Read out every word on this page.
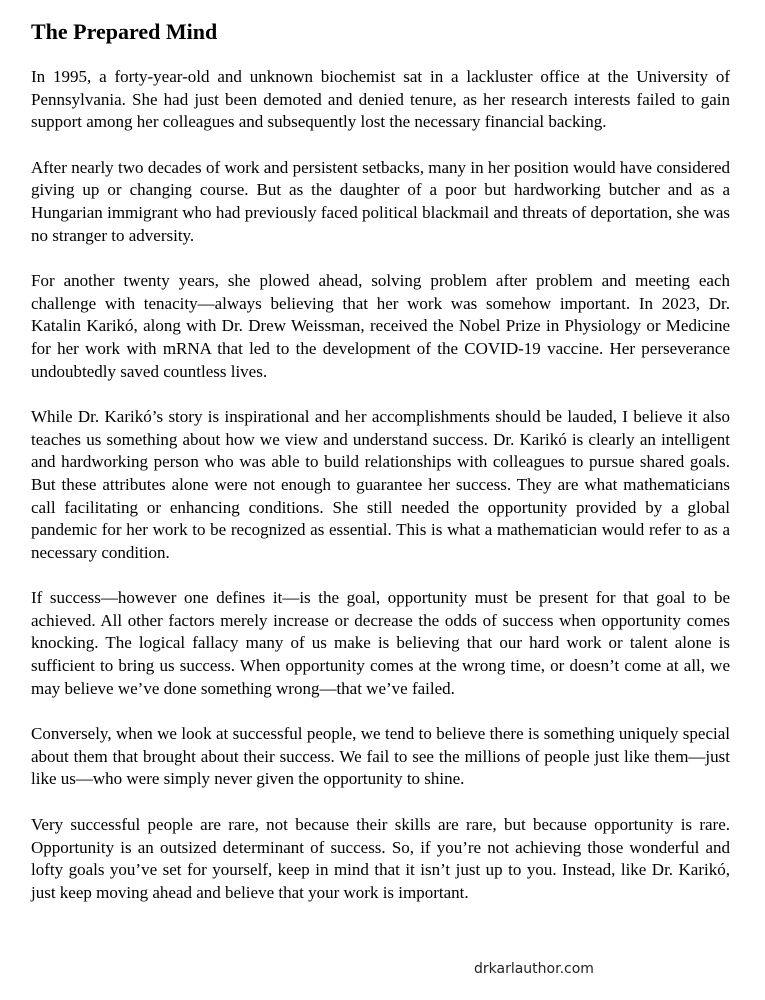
The Prepared Mind

In 1995, a forty-year-old and unknown biochemist sat in a lackluster office at the University of Pennsylvania. She had just been demoted and denied tenure, as her research interests failed to gain support among her colleagues and subsequently lost the necessary financial backing.

After nearly two decades of work and persistent setbacks, many in her position would have considered giving up or changing course. But as the daughter of a poor but hardworking butcher and as a Hungarian immigrant who had previously faced political blackmail and threats of deportation, she was no stranger to adversity.

For another twenty years, she plowed ahead, solving problem after problem and meeting each challenge with tenacity—always believing that her work was somehow important. In 2023, Dr. Katalin Karikó, along with Dr. Drew Weissman, received the Nobel Prize in Physiology or Medicine for her work with mRNA that led to the development of the COVID-19 vaccine. Her perseverance undoubtedly saved countless lives.

While Dr. Karikó’s story is inspirational and her accomplishments should be lauded, I believe it also teaches us something about how we view and understand success. Dr. Karikó is clearly an intelligent and hardworking person who was able to build relationships with colleagues to pursue shared goals. But these attributes alone were not enough to guarantee her success. They are what mathematicians call facilitating or enhancing conditions. She still needed the opportunity provided by a global pandemic for her work to be recognized as essential. This is what a mathematician would refer to as a necessary condition.

If success—however one defines it—is the goal, opportunity must be present for that goal to be achieved. All other factors merely increase or decrease the odds of success when opportunity comes knocking. The logical fallacy many of us make is believing that our hard work or talent alone is sufficient to bring us success. When opportunity comes at the wrong time, or doesn’t come at all, we may believe we’ve done something wrong—that we’ve failed.

Conversely, when we look at successful people, we tend to believe there is something uniquely special about them that brought about their success. We fail to see the millions of people just like them—just like us—who were simply never given the opportunity to shine.

Very successful people are rare, not because their skills are rare, but because opportunity is rare. Opportunity is an outsized determinant of success. So, if you’re not achieving those wonderful and lofty goals you’ve set for yourself, keep in mind that it isn’t just up to you. Instead, like Dr. Karikó, just keep moving ahead and believe that your work is important.

drkarlauthor.com
